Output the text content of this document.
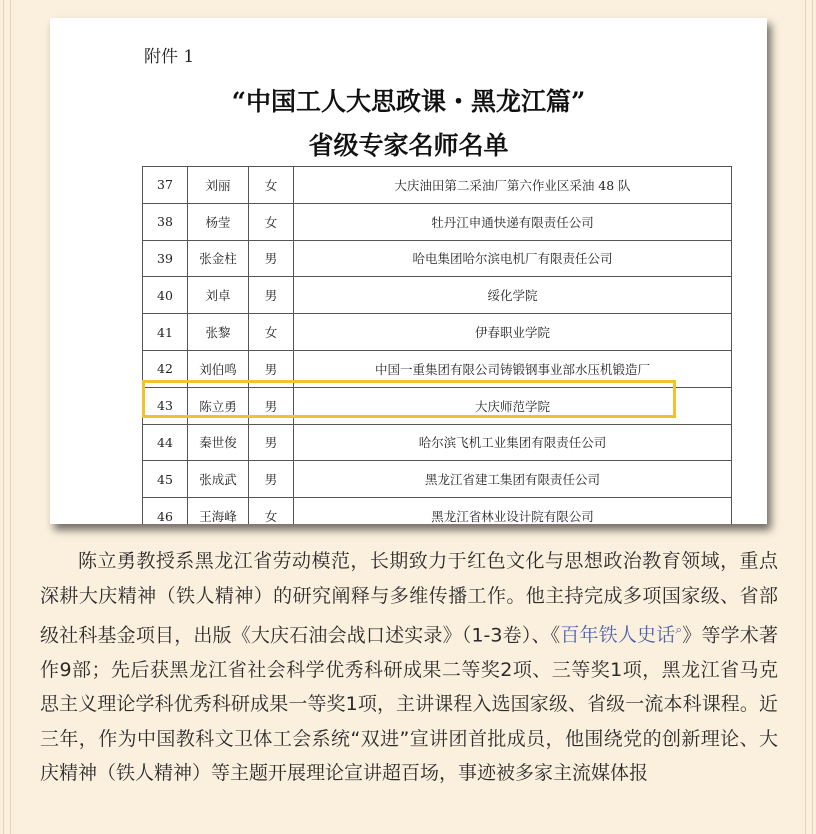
附件 1
“中国工人大思政课・黑龙江篇”
省级专家名师名单
37	刘丽	女	大庆油田第二采油厂第六作业区采油 48 队
38	杨莹	女	牡丹江申通快递有限责任公司
39	张金柱	男	哈电集团哈尔滨电机厂有限责任公司
40	刘卓	男	绥化学院
41	张黎	女	伊春职业学院
42	刘伯鸣	男	中国一重集团有限公司铸锻钢事业部水压机锻造厂
43	陈立勇	男	大庆师范学院
44	秦世俊	男	哈尔滨飞机工业集团有限责任公司
45	张成武	男	黑龙江省建工集团有限责任公司
46	王海峰	女	黑龙江省林业设计院有限公司

陈立勇教授系黑龙江省劳动模范，长期致力于红色文化与思想政治教育领域，重点深耕大庆精神（铁人精神）的研究阐释与多维传播工作。他主持完成多项国家级、省部级社科基金项目，出版《大庆石油会战口述实录》（1-3卷）、《百年铁人史话⌕》等学术著作9部；先后获黑龙江省社会科学优秀科研成果二等奖2项、三等奖1项，黑龙江省马克思主义理论学科优秀科研成果一等奖1项，主讲课程入选国家级、省级一流本科课程。近三年，作为中国教科文卫体工会系统“双进”宣讲团首批成员，他围绕党的创新理论、大庆精神（铁人精神）等主题开展理论宣讲超百场，事迹被多家主流媒体报
